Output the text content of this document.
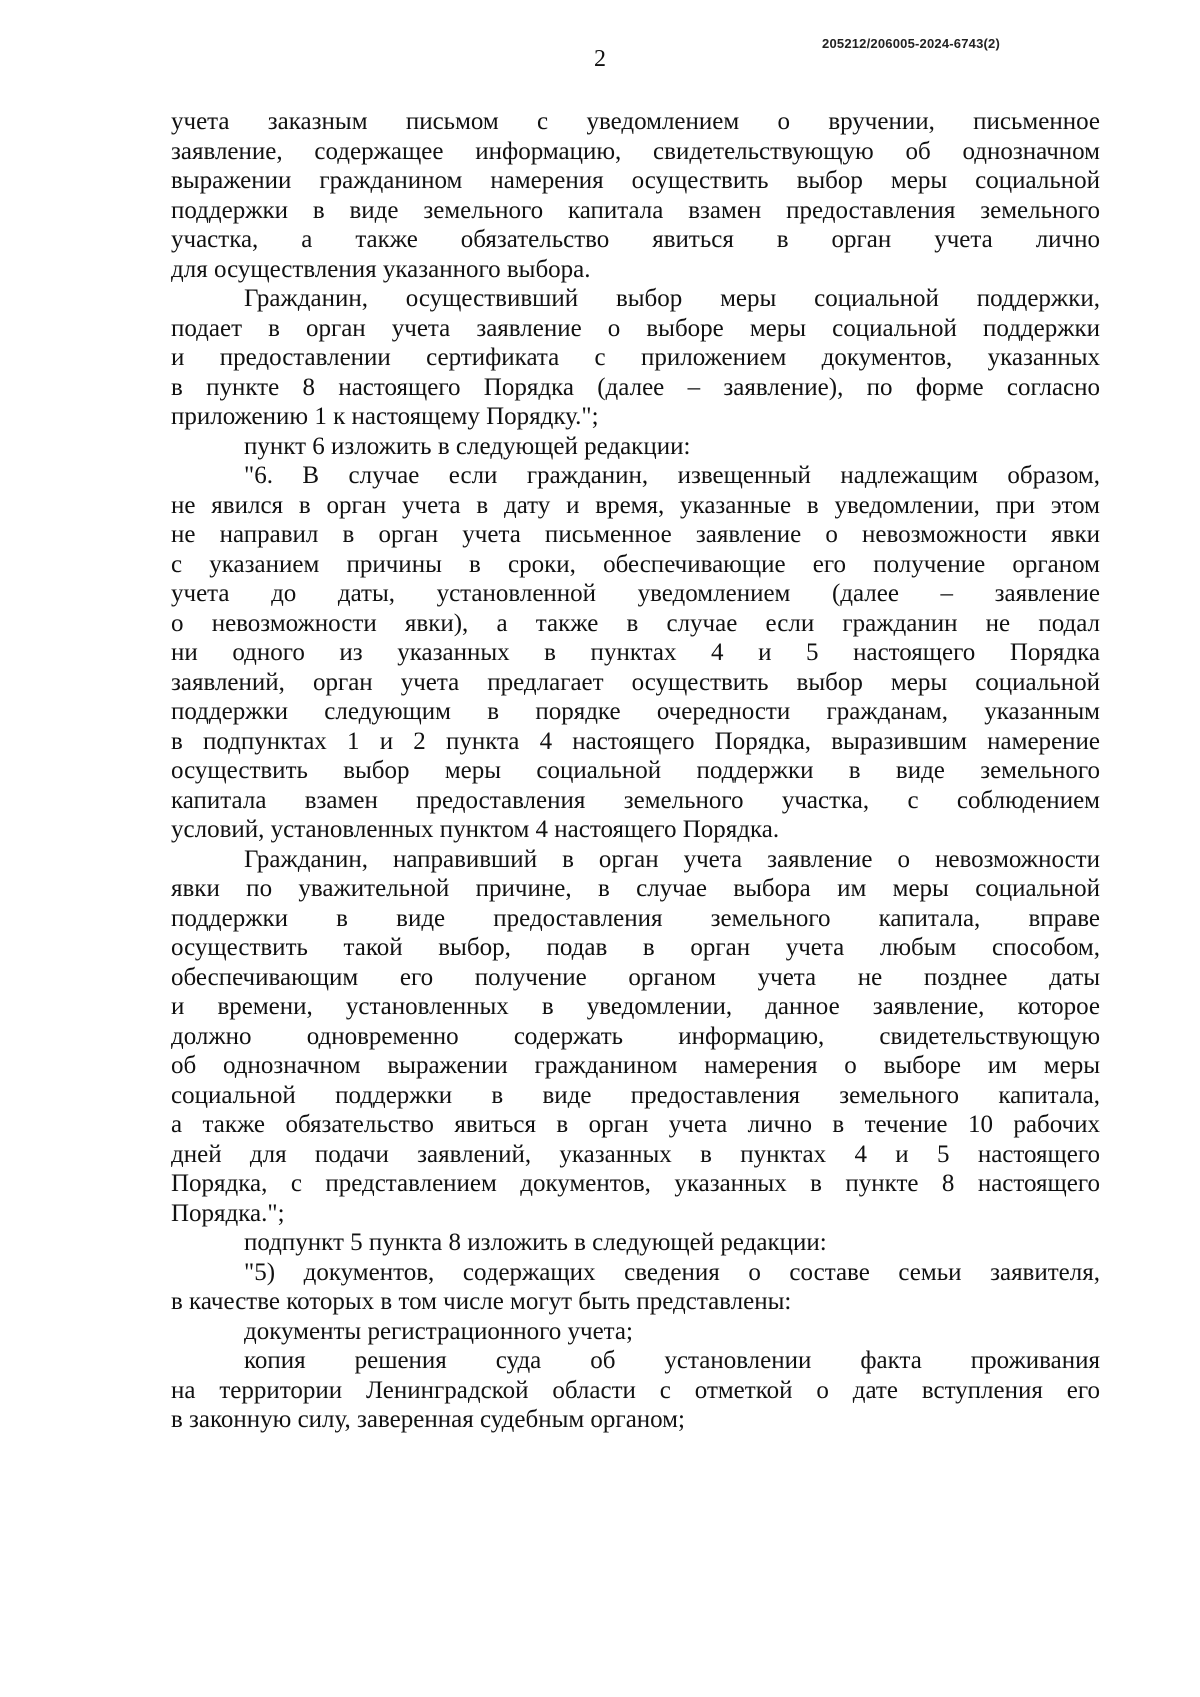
205212/206005-2024-6743(2)
2
учета заказным письмом с уведомлением о вручении, письменное
заявление, содержащее информацию, свидетельствующую об однозначном
выражении гражданином намерения осуществить выбор меры социальной
поддержки в виде земельного капитала взамен предоставления земельного
участка, а также обязательство явиться в орган учета лично
для осуществления указанного выбора.
Гражданин, осуществивший выбор меры социальной поддержки,
подает в орган учета заявление о выборе меры социальной поддержки
и предоставлении сертификата с приложением документов, указанных
в пункте 8 настоящего Порядка (далее – заявление), по форме согласно
приложению 1 к настоящему Порядку.";
пункт 6 изложить в следующей редакции:
"6. В случае если гражданин, извещенный надлежащим образом,
не явился в орган учета в дату и время, указанные в уведомлении, при этом
не направил в орган учета письменное заявление о невозможности явки
с указанием причины в сроки, обеспечивающие его получение органом
учета до даты, установленной уведомлением (далее – заявление
о невозможности явки), а также в случае если гражданин не подал
ни одного из указанных в пунктах 4 и 5 настоящего Порядка
заявлений, орган учета предлагает осуществить выбор меры социальной
поддержки следующим в порядке очередности гражданам, указанным
в подпунктах 1 и 2 пункта 4 настоящего Порядка, выразившим намерение
осуществить выбор меры социальной поддержки в виде земельного
капитала взамен предоставления земельного участка, с соблюдением
условий, установленных пунктом 4 настоящего Порядка.
Гражданин, направивший в орган учета заявление о невозможности
явки по уважительной причине, в случае выбора им меры социальной
поддержки в виде предоставления земельного капитала, вправе
осуществить такой выбор, подав в орган учета любым способом,
обеспечивающим его получение органом учета не позднее даты
и времени, установленных в уведомлении, данное заявление, которое
должно одновременно содержать информацию, свидетельствующую
об однозначном выражении гражданином намерения о выборе им меры
социальной поддержки в виде предоставления земельного капитала,
а также обязательство явиться в орган учета лично в течение 10 рабочих
дней для подачи заявлений, указанных в пунктах 4 и 5 настоящего
Порядка, с представлением документов, указанных в пункте 8 настоящего
Порядка.";
подпункт 5 пункта 8 изложить в следующей редакции:
"5) документов, содержащих сведения о составе семьи заявителя,
в качестве которых в том числе могут быть представлены:
документы регистрационного учета;
копия решения суда об установлении факта проживания
на территории Ленинградской области с отметкой о дате вступления его
в законную силу, заверенная судебным органом;
